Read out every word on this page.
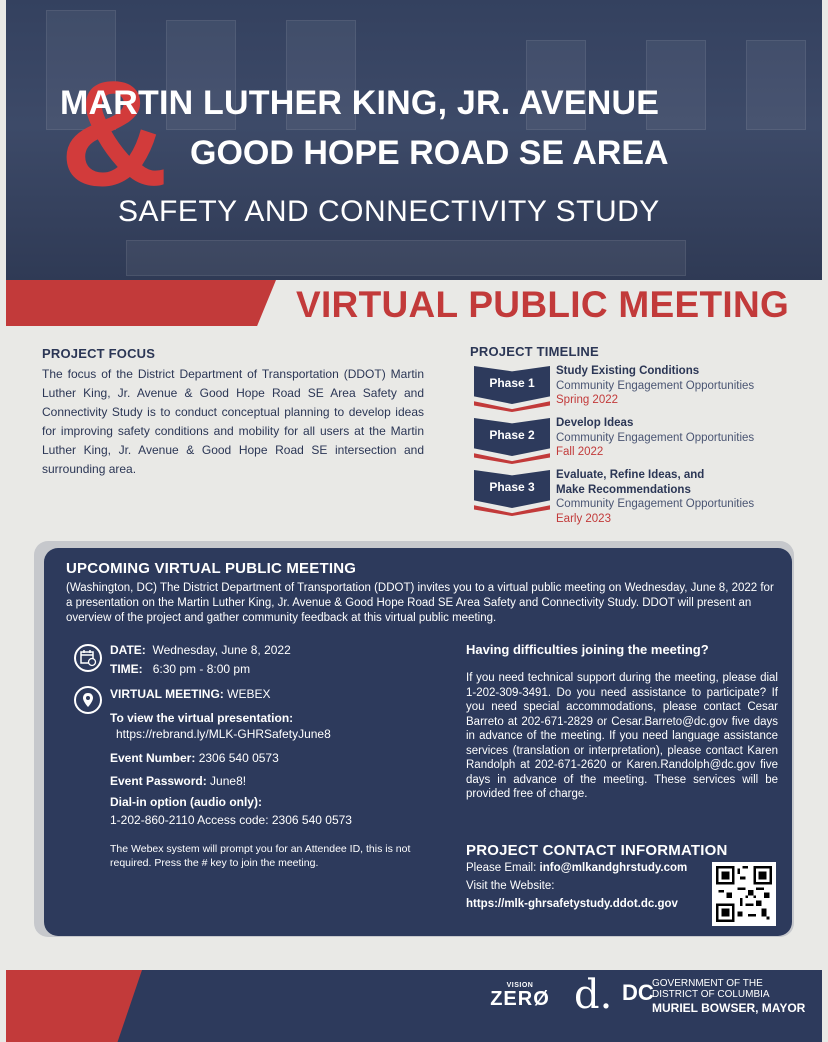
&
MARTIN LUTHER KING, JR. AVENUE
GOOD HOPE ROAD SE AREA
SAFETY AND CONNECTIVITY STUDY
VIRTUAL PUBLIC MEETING
PROJECT FOCUS

The focus of the District Department of Transportation (DDOT) Martin Luther King, Jr. Avenue & Good Hope Road SE Area Safety and Connectivity Study is to conduct conceptual planning to develop ideas for improving safety conditions and mobility for all users at the Martin Luther King, Jr. Avenue & Good Hope Road SE intersection and surrounding area.

PROJECT TIMELINE
Phase 1
Study Existing Conditions
Community Engagement Opportunities
Spring 2022
Phase 2
Develop Ideas
Community Engagement Opportunities
Fall 2022
Phase 3
Evaluate, Refine Ideas, and Make Recommendations
Community Engagement Opportunities
Early 2023
UPCOMING VIRTUAL PUBLIC MEETING
(Washington, DC) The District Department of Transportation (DDOT) invites you to a virtual public meeting on Wednesday, June 8, 2022 for a presentation on the Martin Luther King, Jr. Avenue & Good Hope Road SE Area Safety and Connectivity Study. DDOT will present an overview of the project and gather community feedback at this virtual public meeting.
DATE: Wednesday, June 8, 2022
TIME: 6:30 pm - 8:00 pm
VIRTUAL MEETING: WEBEX
To view the virtual presentation:
https://rebrand.ly/MLK-GHRSafetyJune8
Event Number: 2306 540 0573
Event Password: June8!
Dial-in option (audio only):
1-202-860-2110 Access code: 2306 540 0573
The Webex system will prompt you for an Attendee ID, this is not required. Press the # key to join the meeting.
Having difficulties joining the meeting?
If you need technical support during the meeting, please dial 1-202-309-3491. Do you need assistance to participate? If you need special accommodations, please contact Cesar Barreto at 202-671-2829 or Cesar.Barreto@dc.gov five days in advance of the meeting. If you need language assistance services (translation or interpretation), please contact Karen Randolph at 202-671-2620 or Karen.Randolph@dc.gov five days in advance of the meeting. These services will be provided free of charge.
PROJECT CONTACT INFORMATION
Please Email: info@mlkandghrstudy.com
Visit the Website:
https://mlk-ghrsafetystudy.ddot.dc.gov
VISION
ZERØ d. DC
GOVERNMENT OF THE
DISTRICT OF COLUMBIA
MURIEL BOWSER, MAYOR
